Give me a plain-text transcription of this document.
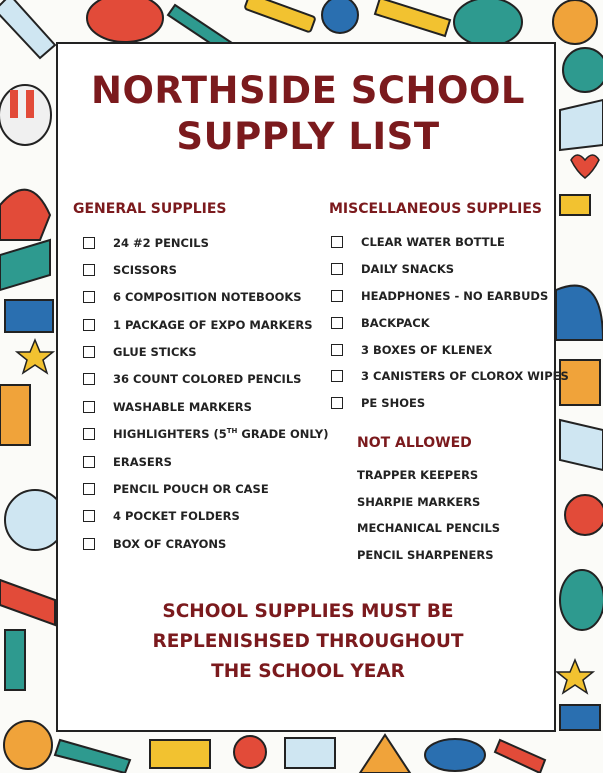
NORTHSIDE SCHOOL
SUPPLY LIST
GENERAL SUPPLIES
24 #2 PENCILS
SCISSORS
6 COMPOSITION NOTEBOOKS
1 PACKAGE OF EXPO MARKERS
GLUE STICKS
36 COUNT COLORED PENCILS
WASHABLE MARKERS
HIGHLIGHTERS (5TH GRADE ONLY)
ERASERS
PENCIL POUCH OR CASE
4 POCKET FOLDERS
BOX OF CRAYONS
MISCELLANEOUS SUPPLIES
CLEAR WATER BOTTLE
DAILY SNACKS
HEADPHONES - NO EARBUDS
BACKPACK
3 BOXES OF KLENEX
3 CANISTERS OF CLOROX WIPES
PE SHOES
NOT ALLOWED
TRAPPER KEEPERS
SHARPIE MARKERS
MECHANICAL PENCILS
PENCIL SHARPENERS
SCHOOL SUPPLIES MUST BE
REPLENISHSED THROUGHOUT
THE SCHOOL YEAR
